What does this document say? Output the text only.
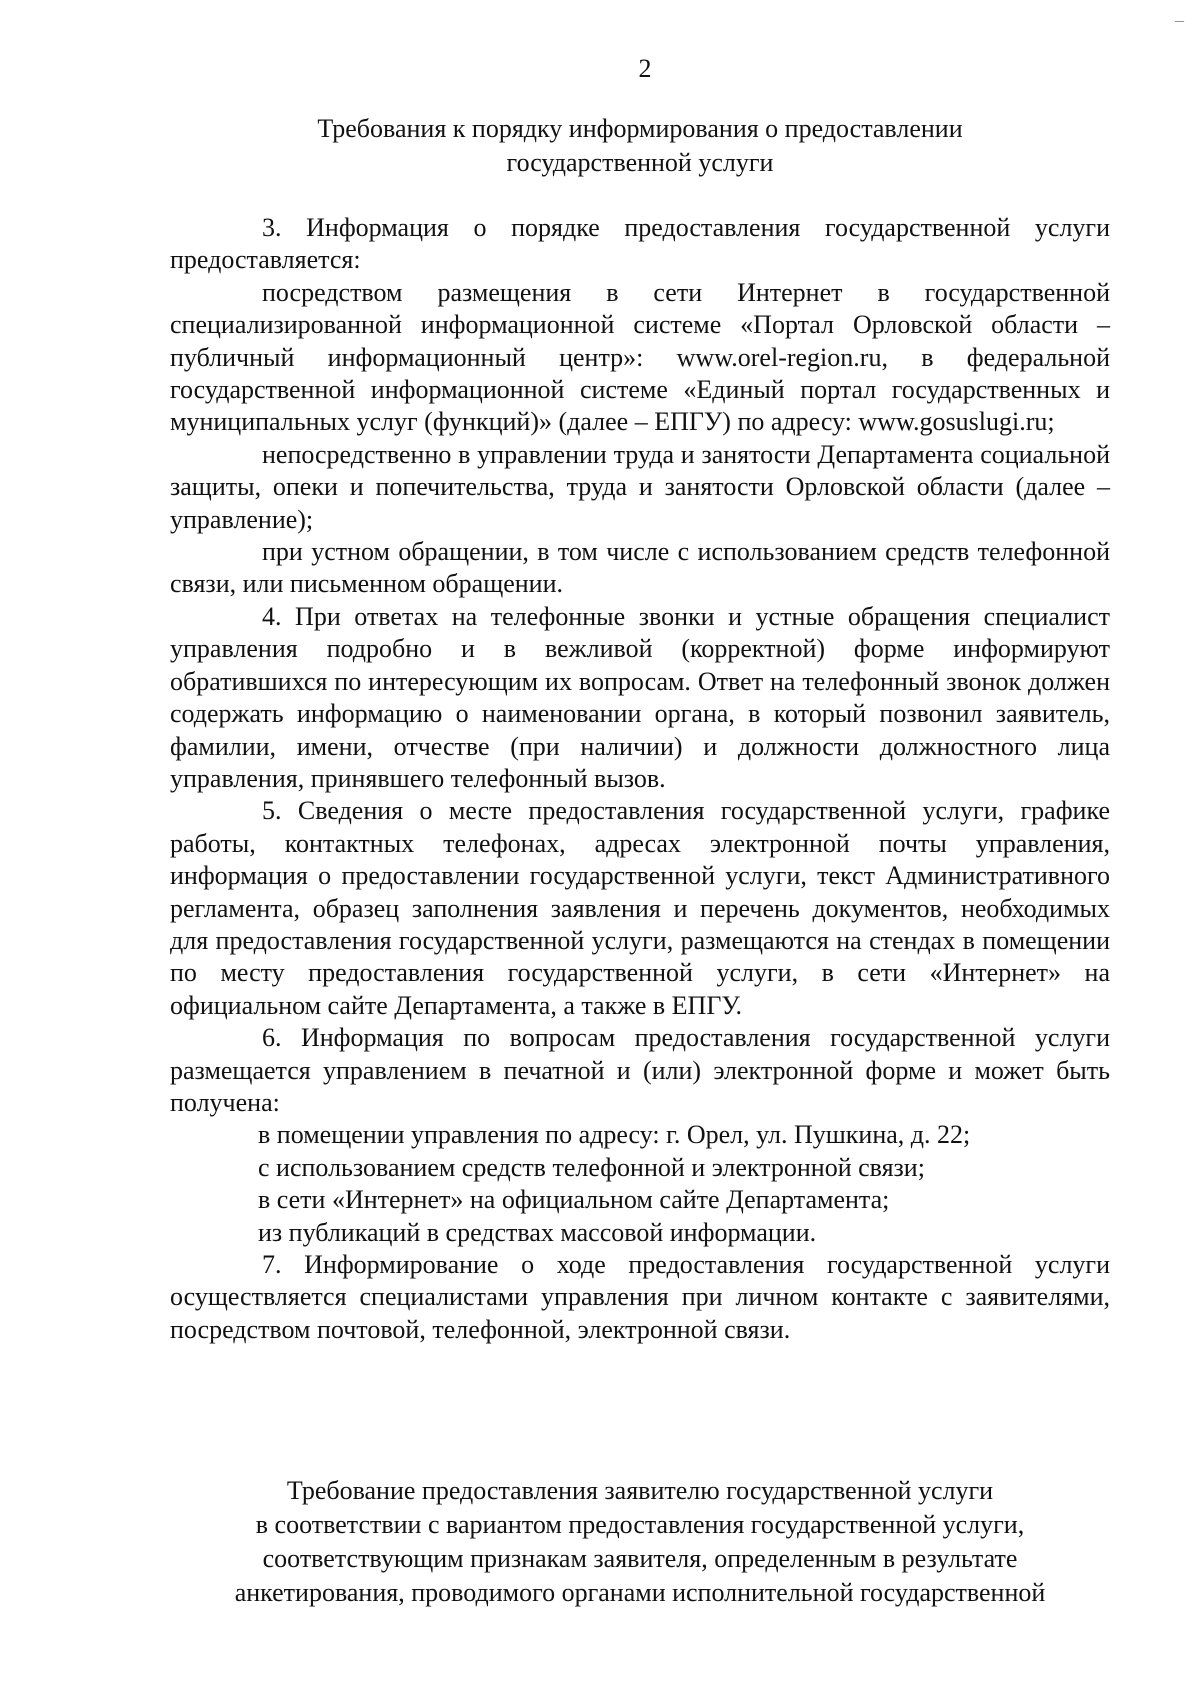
–
2
Требования к порядку информирования о предоставлении
государственной услуги

3. Информация о порядке предоставления государственной услуги предоставляется:

посредством размещения в сети Интернет в государственной специализированной информационной системе «Портал Орловской области – публичный информационный центр»: www.orel-region.ru, в федеральной государственной информационной системе «Единый портал государственных и муниципальных услуг (функций)» (далее – ЕПГУ) по адресу: www.gosuslugi.ru;

непосредственно в управлении труда и занятости Департамента социальной защиты, опеки и попечительства, труда и занятости Орловской области (далее – управление);

при устном обращении, в том числе с использованием средств телефонной связи, или письменном обращении.

4. При ответах на телефонные звонки и устные обращения специалист управления подробно и в вежливой (корректной) форме информируют обратившихся по интересующим их вопросам. Ответ на телефонный звонок должен содержать информацию о наименовании органа, в который позвонил заявитель, фамилии, имени, отчестве (при наличии) и должности должностного лица управления, принявшего телефонный вызов.

5. Сведения о месте предоставления государственной услуги, графике работы, контактных телефонах, адресах электронной почты управления, информация о предоставлении государственной услуги, текст Административного регламента, образец заполнения заявления и перечень документов, необходимых для предоставления государственной услуги, размещаются на стендах в помещении по месту предоставления государственной услуги, в сети «Интернет» на официальном сайте Департамента, а также в ЕПГУ.

6. Информация по вопросам предоставления государственной услуги размещается управлением в печатной и (или) электронной форме и может быть получена:

в помещении управления по адресу: г. Орел, ул. Пушкина, д. 22;

с использованием средств телефонной и электронной связи;

в сети «Интернет» на официальном сайте Департамента;

из публикаций в средствах массовой информации.

7. Информирование о ходе предоставления государственной услуги осуществляется специалистами управления при личном контакте с заявителями, посредством почтовой, телефонной, электронной связи.

Требование предоставления заявителю государственной услуги
в соответствии с вариантом предоставления государственной услуги,
соответствующим признакам заявителя, определенным в результате
анкетирования, проводимого органами исполнительной государственной
